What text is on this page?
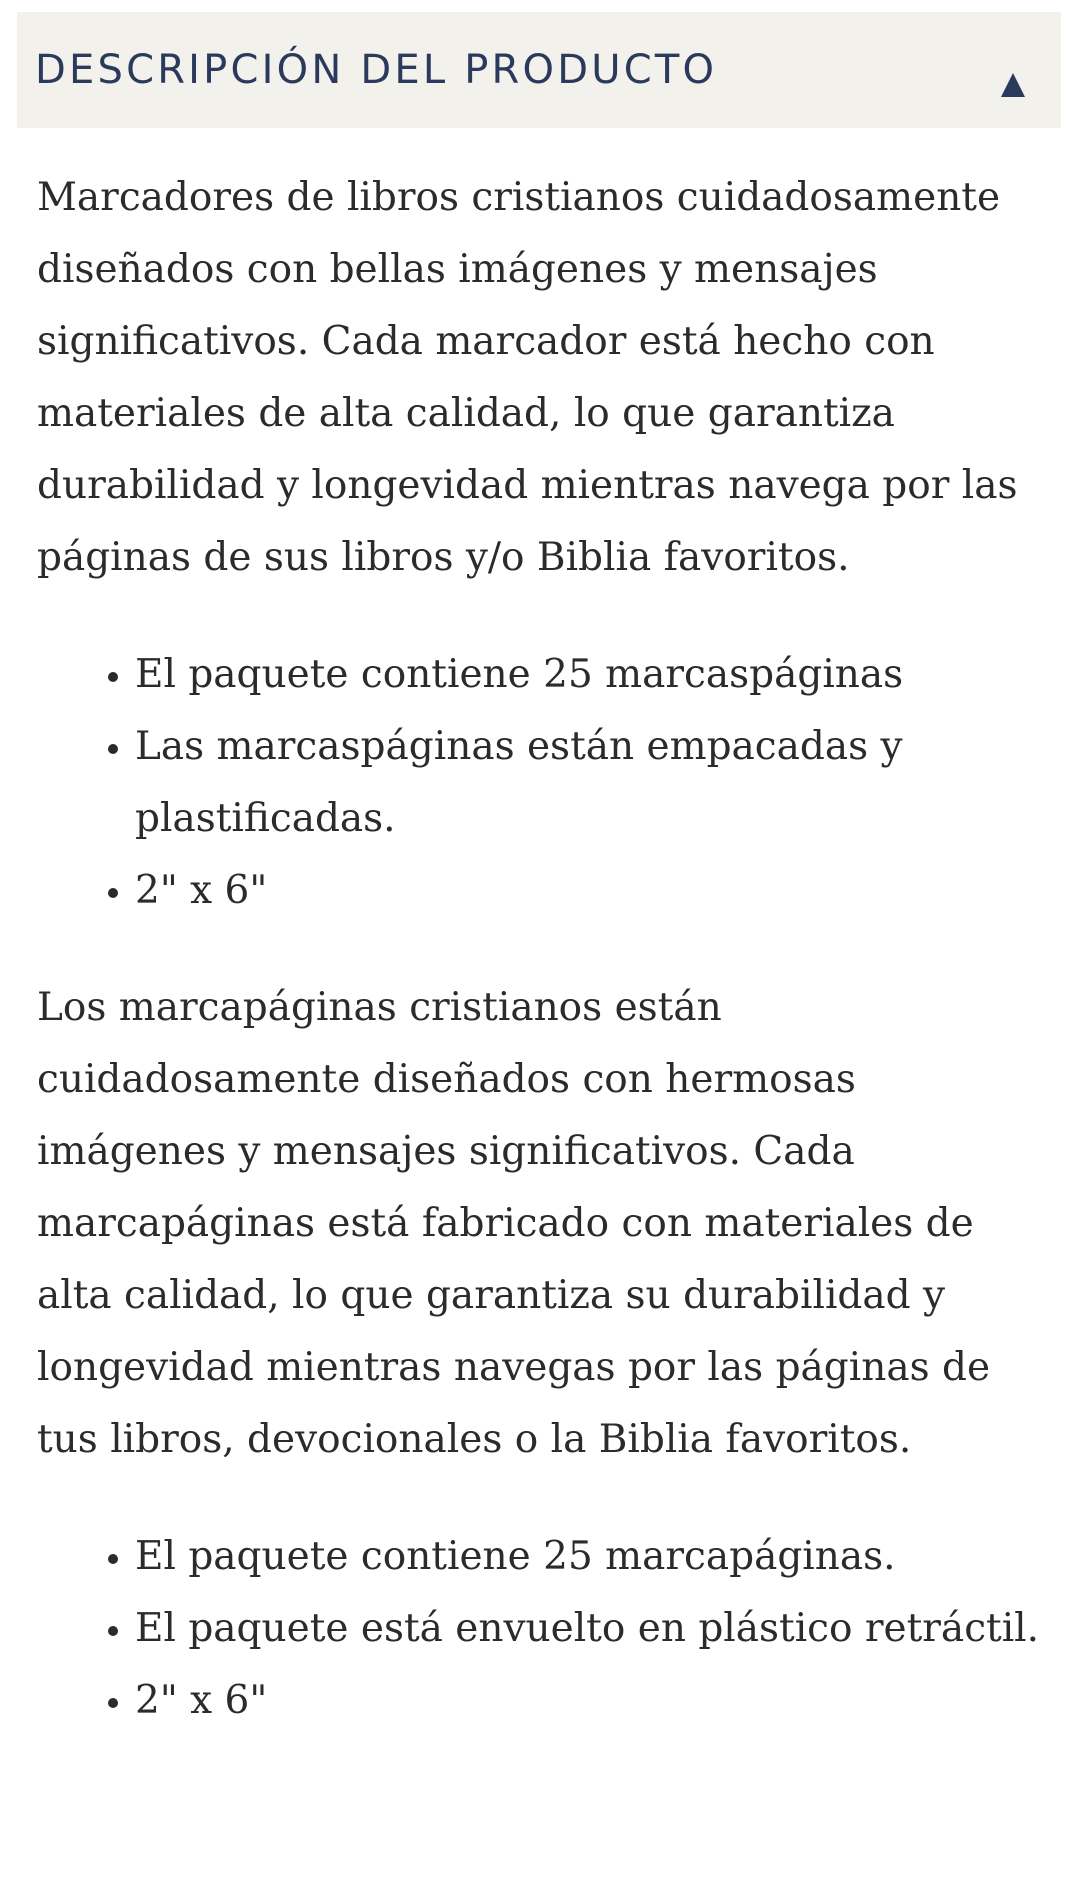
DESCRIPCIÓN DEL PRODUCTO

Marcadores de libros cristianos cuidadosamente diseñados con bellas imágenes y mensajes significativos. Cada marcador está hecho con materiales de alta calidad, lo que garantiza durabilidad y longevidad mientras navega por las páginas de sus libros y/o Biblia favoritos.

• El paquete contiene 25 marcaspáginas
• Las marcaspáginas están empacadas y plastificadas.
• 2" x 6"

Los marcapáginas cristianos están cuidadosamente diseñados con hermosas imágenes y mensajes significativos. Cada marcapáginas está fabricado con materiales de alta calidad, lo que garantiza su durabilidad y longevidad mientras navegas por las páginas de tus libros, devocionales o la Biblia favoritos.

• El paquete contiene 25 marcapáginas.
• El paquete está envuelto en plástico retráctil.
• 2" x 6"
